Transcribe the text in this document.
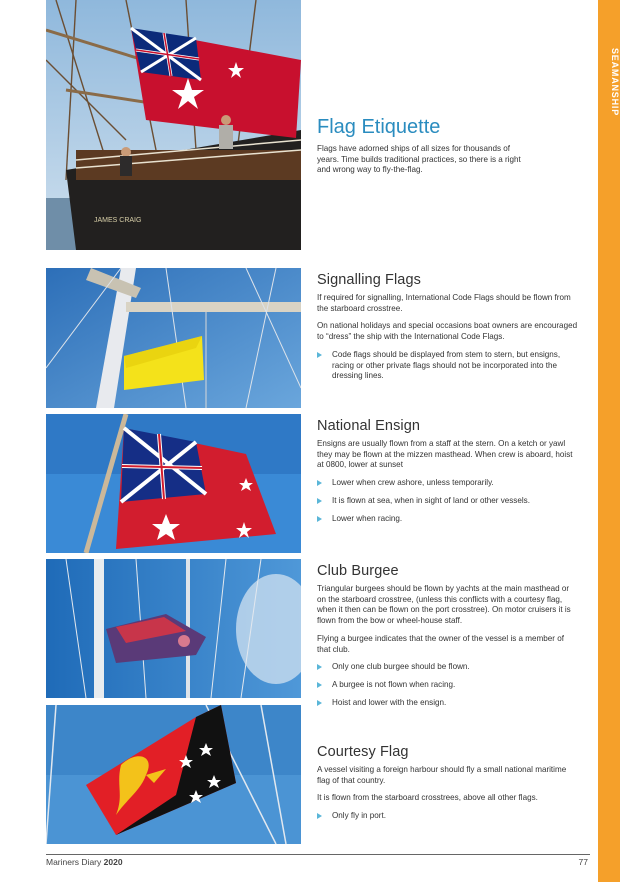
SEAMANSHIP
JAMES CRAIG
Flag Etiquette

Flags have adorned ships of all sizes for thousands of years. Time builds traditional practices, so there is a right and wrong way to fly-the-flag.

Signalling Flags

If required for signalling, International Code Flags should be flown from the starboard crosstree.

On national holidays and special occasions boat owners are encouraged to “dress” the ship with the International Code Flags.

Code flags should be displayed from stem to stern, but ensigns, racing or other private flags should not be incorporated into the dressing lines.
National Ensign

Ensigns are usually flown from a staff at the stern. On a ketch or yawl they may be flown at the mizzen masthead. When crew is aboard, hoist at 0800, lower at sunset

Lower when crew ashore, unless temporarily.
It is flown at sea, when in sight of land or other vessels.
Lower when racing.
Club Burgee

Triangular burgees should be flown by yachts at the main masthead or on the starboard crosstree, (unless this conflicts with a courtesy flag, when it then can be flown on the port crosstree). On motor cruisers it is flown from the bow or wheel-house staff.

Flying a burgee indicates that the owner of the vessel is a member of that club.

Only one club burgee should be flown.
A burgee is not flown when racing.
Hoist and lower with the ensign.
Courtesy Flag

A vessel visiting a foreign harbour should fly a small national maritime flag of that country.

It is flown from the starboard crosstrees, above all other flags.

Only fly in port.
Mariners Diary 2020	77
